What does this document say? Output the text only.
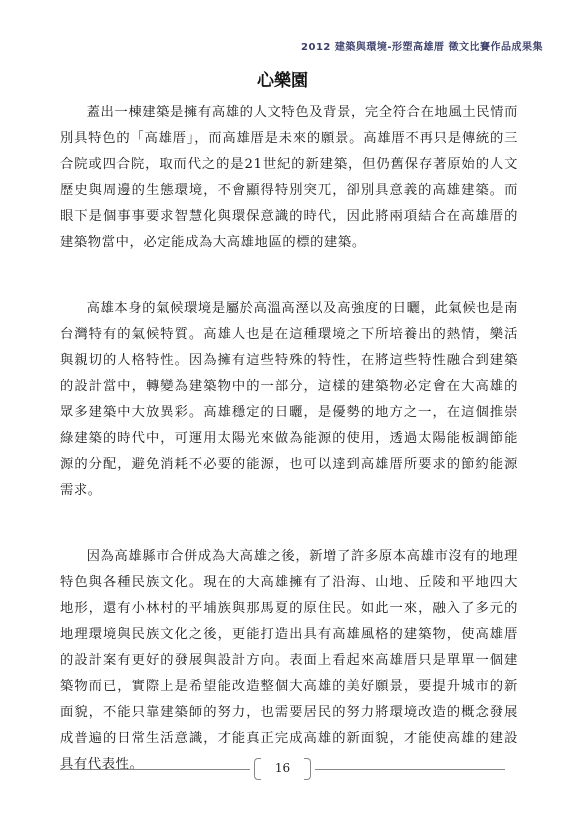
2012 建築與環境-形塑高雄厝 徵文比賽作品成果集
心樂園

蓋出一棟建築是擁有高雄的人文特色及背景，完全符合在地風土民情而別具特色的「高雄厝」，而高雄厝是未來的願景。高雄厝不再只是傳統的三合院或四合院，取而代之的是21世紀的新建築，但仍舊保存著原始的人文歷史與周邊的生態環境，不會顯得特別突兀，卻別具意義的高雄建築。而眼下是個事事要求智慧化與環保意識的時代，因此將兩項結合在高雄厝的建築物當中，必定能成為大高雄地區的標的建築。

高雄本身的氣候環境是屬於高溫高溼以及高強度的日曬，此氣候也是南台灣特有的氣候特質。高雄人也是在這種環境之下所培養出的熱情，樂活與親切的人格特性。因為擁有這些特殊的特性，在將這些特性融合到建築的設計當中，轉變為建築物中的一部分，這樣的建築物必定會在大高雄的眾多建築中大放異彩。高雄穩定的日曬，是優勢的地方之一，在這個推崇綠建築的時代中，可運用太陽光來做為能源的使用，透過太陽能板調節能源的分配，避免消耗不必要的能源，也可以達到高雄厝所要求的節約能源需求。

因為高雄縣市合併成為大高雄之後，新增了許多原本高雄市沒有的地理特色與各種民族文化。現在的大高雄擁有了沿海、山地、丘陵和平地四大地形，還有小林村的平埔族與那馬夏的原住民。如此一來，融入了多元的地理環境與民族文化之後，更能打造出具有高雄風格的建築物，使高雄厝的設計案有更好的發展與設計方向。表面上看起來高雄厝只是單單一個建築物而已，實際上是希望能改造整個大高雄的美好願景，要提升城市的新面貌，不能只靠建築師的努力，也需要居民的努力將環境改造的概念發展成普遍的日常生活意識，才能真正完成高雄的新面貌，才能使高雄的建設具有代表性。	16
